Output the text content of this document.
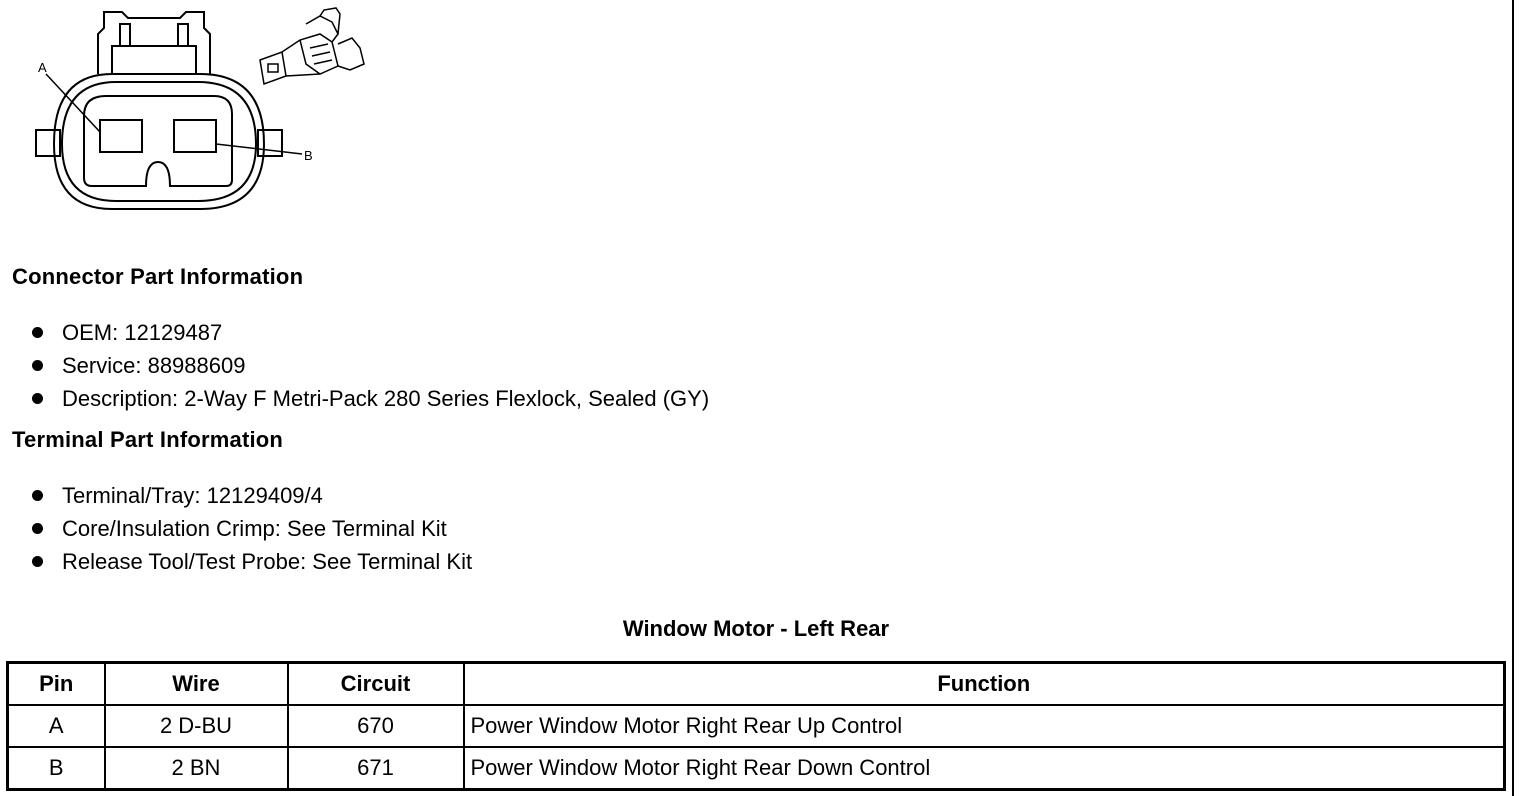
A
B
Connector Part Information
OEM: 12129487
Service: 88988609
Description: 2-Way F Metri-Pack 280 Series Flexlock, Sealed (GY)
Terminal Part Information
Terminal/Tray: 12129409/4
Core/Insulation Crimp: See Terminal Kit
Release Tool/Test Probe: See Terminal Kit
Window Motor - Left Rear
Pin	Wire	Circuit	Function
A	2 D-BU	670	Power Window Motor Right Rear Up Control
B	2 BN	671	Power Window Motor Right Rear Down Control
